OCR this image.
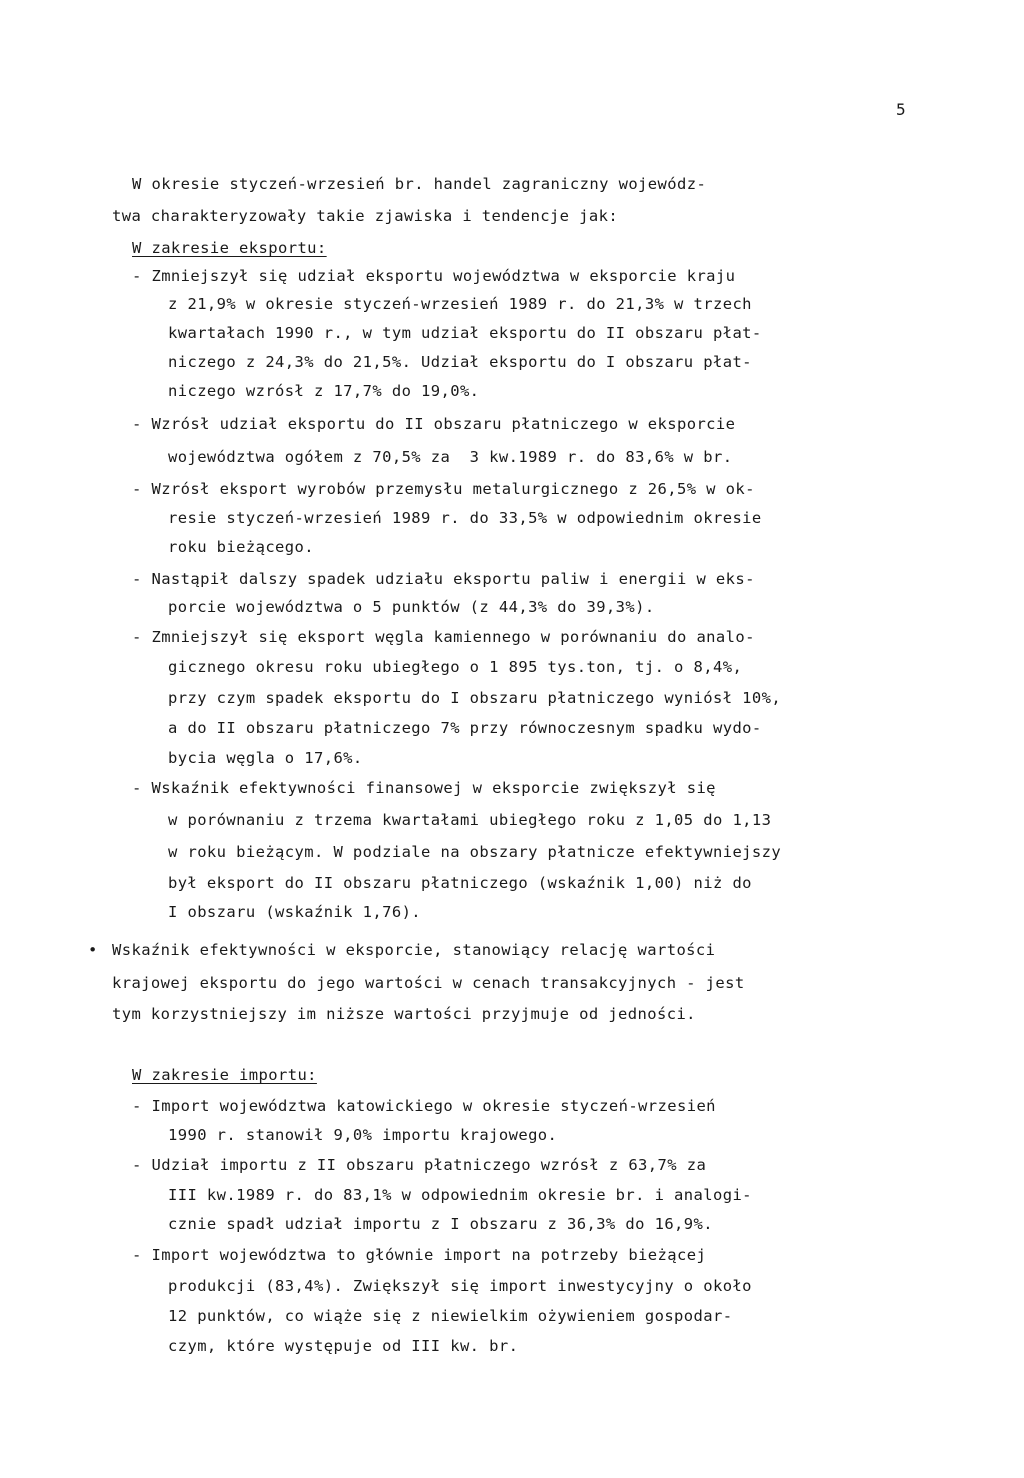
5
W okresie styczeń-wrzesień br. handel zagraniczny wojewódz-
twa charakteryzowały takie zjawiska i tendencje jak:
W zakresie eksportu:
- Zmniejszył się udział eksportu województwa w eksporcie kraju
z 21,9% w okresie styczeń-wrzesień 1989 r. do 21,3% w trzech
kwartałach 1990 r., w tym udział eksportu do II obszaru płat-
niczego z 24,3% do 21,5%. Udział eksportu do I obszaru płat-
niczego wzrósł z 17,7% do 19,0%.
- Wzrósł udział eksportu do II obszaru płatniczego w eksporcie
województwa ogółem z 70,5% za  3 kw.1989 r. do 83,6% w br.
- Wzrósł eksport wyrobów przemysłu metalurgicznego z 26,5% w ok-
resie styczeń-wrzesień 1989 r. do 33,5% w odpowiednim okresie
roku bieżącego.
- Nastąpił dalszy spadek udziału eksportu paliw i energii w eks-
porcie województwa o 5 punktów (z 44,3% do 39,3%).
- Zmniejszył się eksport węgla kamiennego w porównaniu do analo-
gicznego okresu roku ubiegłego o 1 895 tys.ton, tj. o 8,4%,
przy czym spadek eksportu do I obszaru płatniczego wyniósł 10%,
a do II obszaru płatniczego 7% przy równoczesnym spadku wydo-
bycia węgla o 17,6%.
- Wskaźnik efektywności finansowej w eksporcie zwiększył się
w porównaniu z trzema kwartałami ubiegłego roku z 1,05 do 1,13
w roku bieżącym. W podziale na obszary płatnicze efektywniejszy
był eksport do II obszaru płatniczego (wskaźnik 1,00) niż do
I obszaru (wskaźnik 1,76).
• Wskaźnik efektywności w eksporcie, stanowiący relację wartości
krajowej eksportu do jego wartości w cenach transakcyjnych - jest
tym korzystniejszy im niższe wartości przyjmuje od jedności.
W zakresie importu:
- Import województwa katowickiego w okresie styczeń-wrzesień
1990 r. stanowił 9,0% importu krajowego.
- Udział importu z II obszaru płatniczego wzrósł z 63,7% za
III kw.1989 r. do 83,1% w odpowiednim okresie br. i analogi-
cznie spadł udział importu z I obszaru z 36,3% do 16,9%.
- Import województwa to głównie import na potrzeby bieżącej
produkcji (83,4%). Zwiększył się import inwestycyjny o około
12 punktów, co wiąże się z niewielkim ożywieniem gospodar-
czym, które występuje od III kw. br.
